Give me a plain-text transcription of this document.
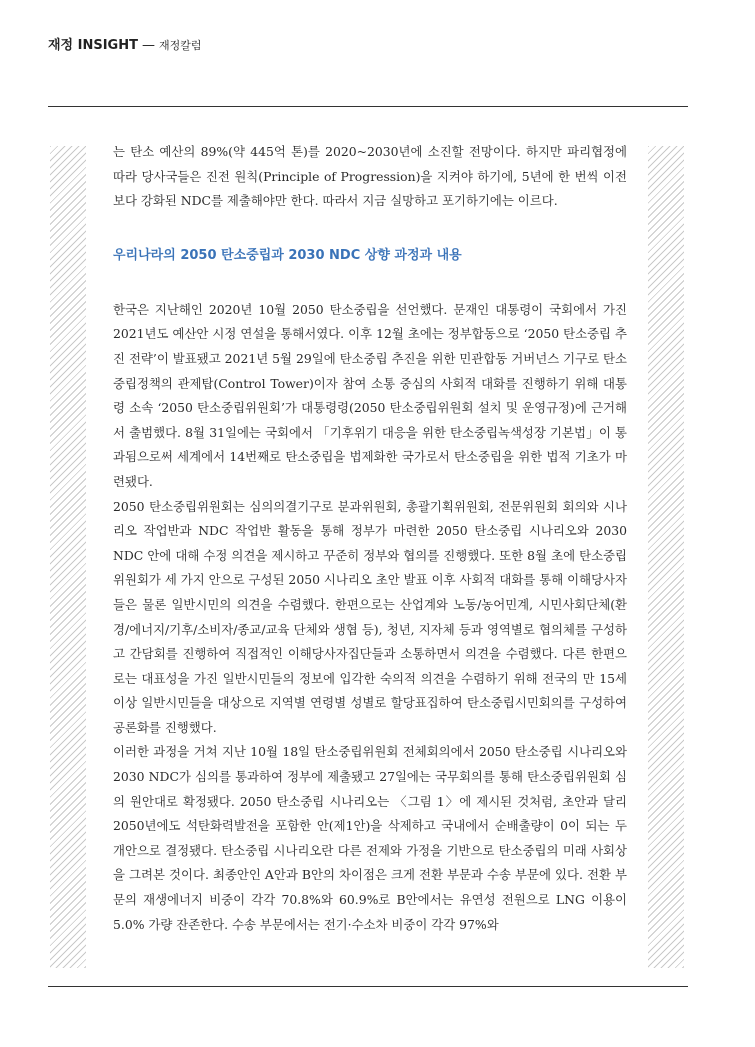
재정 INSIGHT — 재정칼럼

는 탄소 예산의 89%(약 445억 톤)를 2020~2030년에 소진할 전망이다. 하지만 파리협정에 따라 당사국들은 진전 원칙(Principle of Progression)을 지켜야 하기에, 5년에 한 번씩 이전보다 강화된 NDC를 제출해야만 한다. 따라서 지금 실망하고 포기하기에는 이르다.

우리나라의 2050 탄소중립과 2030 NDC 상향 과정과 내용

한국은 지난해인 2020년 10월 2050 탄소중립을 선언했다. 문재인 대통령이 국회에서 가진 2021년도 예산안 시정 연설을 통해서였다. 이후 12월 초에는 정부합동으로 ‘2050 탄소중립 추진 전략’이 발표됐고 2021년 5월 29일에 탄소중립 추진을 위한 민관합동 거버넌스 기구로 탄소중립정책의 관제탑(Control Tower)이자 참여 소통 중심의 사회적 대화를 진행하기 위해 대통령 소속 ‘2050 탄소중립위원회’가 대통령령(2050 탄소중립위원회 설치 및 운영규정)에 근거해서 출범했다. 8월 31일에는 국회에서 「기후위기 대응을 위한 탄소중립녹색성장 기본법」이 통과됨으로써 세계에서 14번째로 탄소중립을 법제화한 국가로서 탄소중립을 위한 법적 기초가 마련됐다.

2050 탄소중립위원회는 심의의결기구로 분과위원회, 총괄기획위원회, 전문위원회 회의와 시나리오 작업반과 NDC 작업반 활동을 통해 정부가 마련한 2050 탄소중립 시나리오와 2030 NDC 안에 대해 수정 의견을 제시하고 꾸준히 정부와 협의를 진행했다. 또한 8월 초에 탄소중립위원회가 세 가지 안으로 구성된 2050 시나리오 초안 발표 이후 사회적 대화를 통해 이해당사자들은 물론 일반시민의 의견을 수렴했다. 한편으로는 산업계와 노동/농어민계, 시민사회단체(환경/에너지/기후/소비자/종교/교육 단체와 생협 등), 청년, 지자체 등과 영역별로 협의체를 구성하고 간담회를 진행하여 직접적인 이해당사자집단들과 소통하면서 의견을 수렴했다. 다른 한편으로는 대표성을 가진 일반시민들의 정보에 입각한 숙의적 의견을 수렴하기 위해 전국의 만 15세 이상 일반시민들을 대상으로 지역별 연령별 성별로 할당표집하여 탄소중립시민회의를 구성하여 공론화를 진행했다.

이러한 과정을 거쳐 지난 10월 18일 탄소중립위원회 전체회의에서 2050 탄소중립 시나리오와 2030 NDC가 심의를 통과하여 정부에 제출됐고 27일에는 국무회의를 통해 탄소중립위원회 심의 원안대로 확정됐다. 2050 탄소중립 시나리오는 〈그림 1〉에 제시된 것처럼, 초안과 달리 2050년에도 석탄화력발전을 포함한 안(제1안)을 삭제하고 국내에서 순배출량이 0이 되는 두 개안으로 결정됐다. 탄소중립 시나리오란 다른 전제와 가정을 기반으로 탄소중립의 미래 사회상을 그려본 것이다. 최종안인 A안과 B안의 차이점은 크게 전환 부문과 수송 부문에 있다. 전환 부문의 재생에너지 비중이 각각 70.8%와 60.9%로 B안에서는 유연성 전원으로 LNG 이용이 5.0% 가량 잔존한다. 수송 부문에서는 전기·수소차 비중이 각각 97%와
